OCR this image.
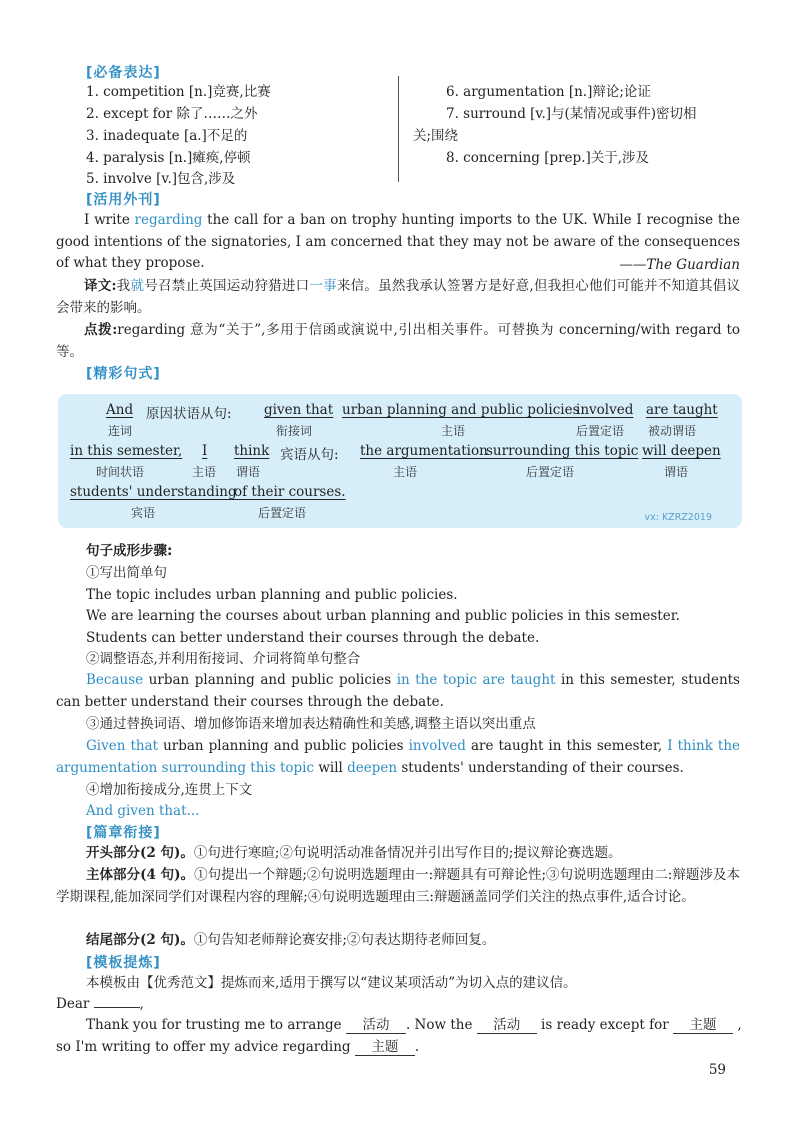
[必备表达]
1. competition [n.]竞赛,比赛
2. except for 除了……之外
3. inadequate [a.]不足的
4. paralysis [n.]瘫痪,停顿
5. involve [v.]包含,涉及
6. argumentation [n.]辩论;论证
7. surround [v.]与(某情况或事件)密切相
关;围绕
8. concerning [prep.]关于,涉及
[活用外刊]
I write regarding the call for a ban on trophy hunting imports to the UK. While I recognise the good intentions of the signatories, I am concerned that they may not be aware of the consequences of what they propose.	——The Guardian
译文:我就号召禁止英国运动狩猎进口一事来信。虽然我承认签署方是好意,但我担心他们可能并不知道其倡议会带来的影响。
点拨:regarding 意为“关于”,多用于信函或演说中,引出相关事件。可替换为 concerning/with regard to 等。
[精彩句式]
And
连词
原因状语从句: given that
衔接词
urban planning and public policies
主语
involved
后置定语
are taught
被动谓语
in this semester,
时间状语
I
主语
think
谓语
宾语从句: the argumentation
主语
surrounding this topic
后置定语
will deepen
谓语
students' understanding
宾语
of their courses.
后置定语	vx: KZRZ2019
句子成形步骤:
①写出简单句
The topic includes urban planning and public policies.
We are learning the courses about urban planning and public policies in this semester.
Students can better understand their courses through the debate.
②调整语态,并利用衔接词、介词将简单句整合
Because urban planning and public policies in the topic are taught in this semester, students can better understand their courses through the debate.
③通过替换词语、增加修饰语来增加表达精确性和美感,调整主语以突出重点
Given that urban planning and public policies involved are taught in this semester, I think the argumentation surrounding this topic will deepen students' understanding of their courses.
④增加衔接成分,连贯上下文
And given that...
[篇章衔接]
开头部分(2 句)。①句进行寒暄;②句说明活动准备情况并引出写作目的;提议辩论赛选题。
主体部分(4 句)。①句提出一个辩题;②句说明选题理由一:辩题具有可辩论性;③句说明选题理由二:辩题涉及本学期课程,能加深同学们对课程内容的理解;④句说明选题理由三:辩题涵盖同学们关注的热点事件,适合讨论。
结尾部分(2 句)。①句告知老师辩论赛安排;②句表达期待老师回复。
[模板提炼]
本模板由【优秀范文】提炼而来,适用于撰写以“建议某项活动”为切入点的建议信。
Dear	,
Thank you for trusting me to arrange 活动 . Now the 活动 is ready except for 主题 ,
so I'm writing to offer my advice regarding 主题 .
59
